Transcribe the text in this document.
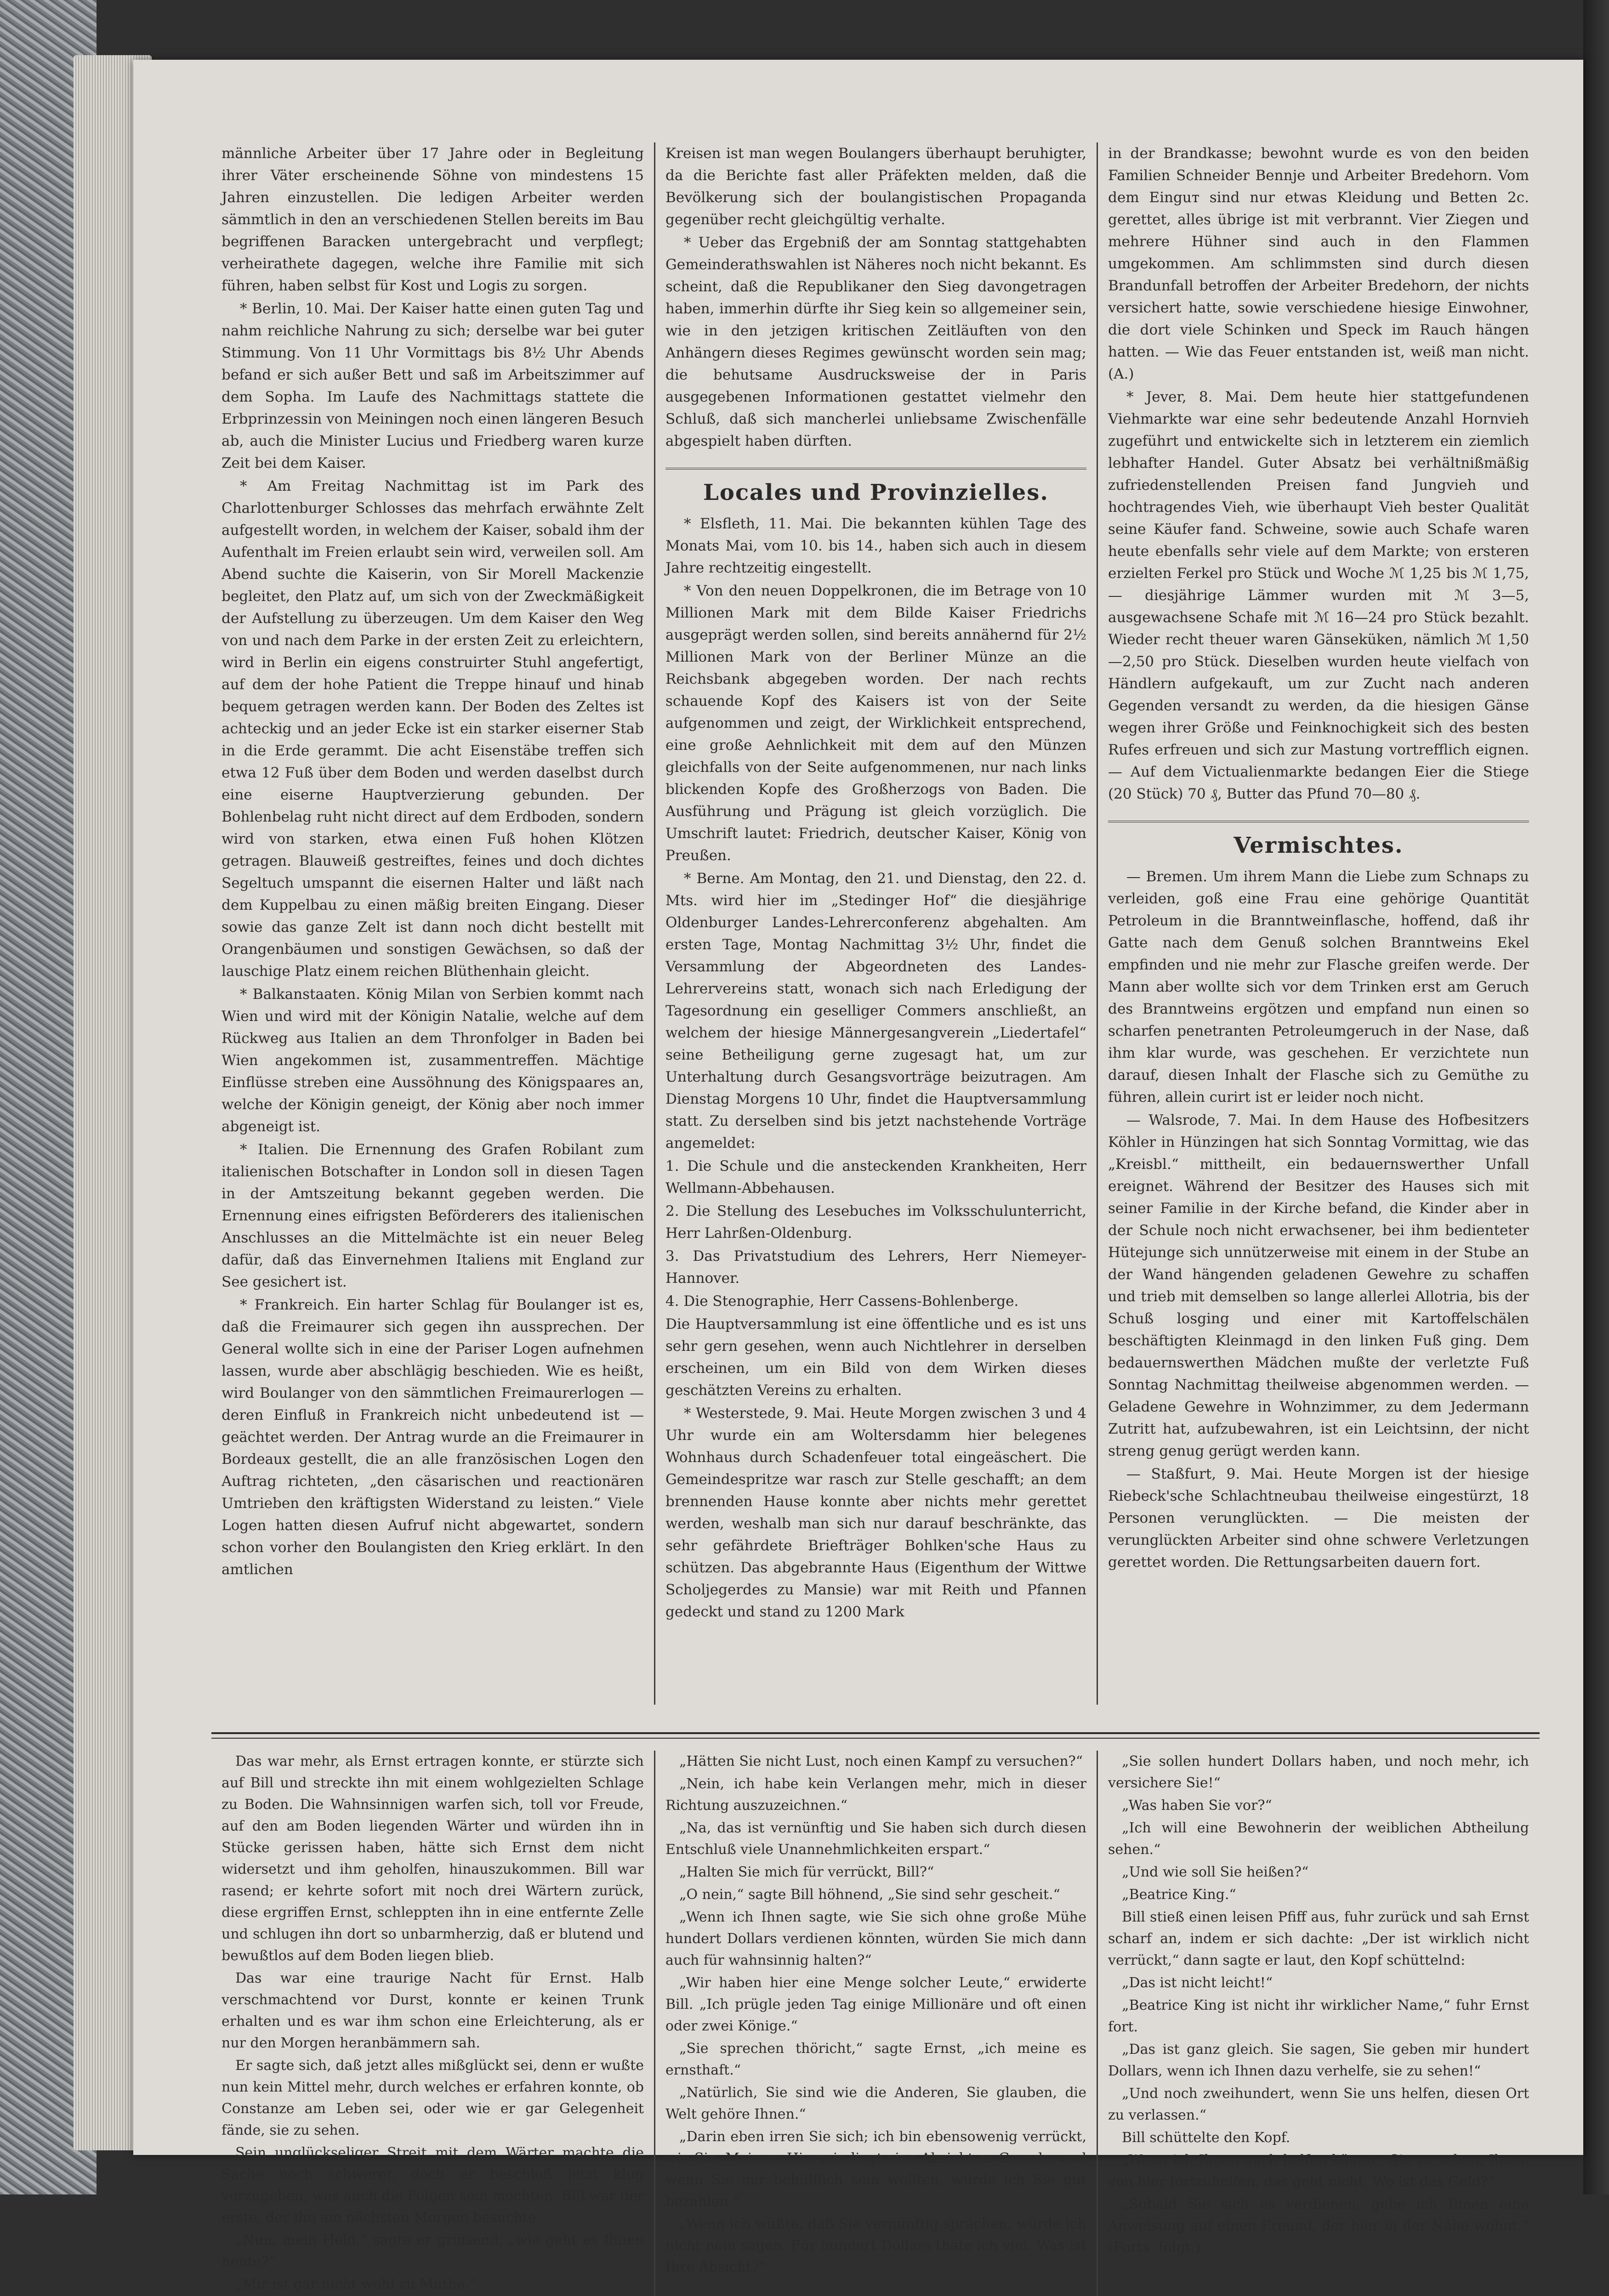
männliche Arbeiter über 17 Jahre oder in Begleitung ihrer Väter erscheinende Söhne von mindestens 15 Jahren einzustellen. Die ledigen Arbeiter werden sämmtlich in den an verschiedenen Stellen bereits im Bau begriffenen Baracken untergebracht und verpflegt; verheirathete dagegen, welche ihre Familie mit sich führen, haben selbst für Kost und Logis zu sorgen.

* Berlin, 10. Mai. Der Kaiser hatte einen guten Tag und nahm reichliche Nahrung zu sich; derselbe war bei guter Stimmung. Von 11 Uhr Vormittags bis 8½ Uhr Abends befand er sich außer Bett und saß im Arbeitszimmer auf dem Sopha. Im Laufe des Nachmittags stattete die Erbprinzessin von Meiningen noch einen längeren Besuch ab, auch die Minister Lucius und Friedberg waren kurze Zeit bei dem Kaiser.

* Am Freitag Nachmittag ist im Park des Charlottenburger Schlosses das mehrfach erwähnte Zelt aufgestellt worden, in welchem der Kaiser, sobald ihm der Aufenthalt im Freien erlaubt sein wird, verweilen soll. Am Abend suchte die Kaiserin, von Sir Morell Mackenzie begleitet, den Platz auf, um sich von der Zweckmäßigkeit der Aufstellung zu überzeugen. Um dem Kaiser den Weg von und nach dem Parke in der ersten Zeit zu erleichtern, wird in Berlin ein eigens construirter Stuhl angefertigt, auf dem der hohe Patient die Treppe hinauf und hinab bequem getragen werden kann. Der Boden des Zeltes ist achteckig und an jeder Ecke ist ein starker eiserner Stab in die Erde gerammt. Die acht Eisenstäbe treffen sich etwa 12 Fuß über dem Boden und werden daselbst durch eine eiserne Hauptverzierung gebunden. Der Bohlenbelag ruht nicht direct auf dem Erdboden, sondern wird von starken, etwa einen Fuß hohen Klötzen getragen. Blauweiß gestreiftes, feines und doch dichtes Segeltuch umspannt die eisernen Halter und läßt nach dem Kuppelbau zu einen mäßig breiten Eingang. Dieser sowie das ganze Zelt ist dann noch dicht bestellt mit Orangenbäumen und sonstigen Gewächsen, so daß der lauschige Platz einem reichen Blüthenhain gleicht.

* Balkanstaaten. König Milan von Serbien kommt nach Wien und wird mit der Königin Natalie, welche auf dem Rückweg aus Italien an dem Thronfolger in Baden bei Wien angekommen ist, zusammentreffen. Mächtige Einflüsse streben eine Aussöhnung des Königspaares an, welche der Königin geneigt, der König aber noch immer abgeneigt ist.

* Italien. Die Ernennung des Grafen Robilant zum italienischen Botschafter in London soll in diesen Tagen in der Amtszeitung bekannt gegeben werden. Die Ernennung eines eifrigsten Beförderers des italienischen Anschlusses an die Mittelmächte ist ein neuer Beleg dafür, daß das Einvernehmen Italiens mit England zur See gesichert ist.

* Frankreich. Ein harter Schlag für Boulanger ist es, daß die Freimaurer sich gegen ihn aussprechen. Der General wollte sich in eine der Pariser Logen aufnehmen lassen, wurde aber abschlägig beschieden. Wie es heißt, wird Boulanger von den sämmtlichen Freimaurerlogen — deren Einfluß in Frankreich nicht unbedeutend ist — geächtet werden. Der Antrag wurde an die Freimaurer in Bordeaux gestellt, die an alle französischen Logen den Auftrag richteten, „den cäsarischen und reactionären Umtrieben den kräftigsten Widerstand zu leisten.“ Viele Logen hatten diesen Aufruf nicht abgewartet, sondern schon vorher den Boulangisten den Krieg erklärt. In den amtlichen

Kreisen ist man wegen Boulangers überhaupt beruhigter, da die Berichte fast aller Präfekten melden, daß die Bevölkerung sich der boulangistischen Propaganda gegenüber recht gleichgültig verhalte.

* Ueber das Ergebniß der am Sonntag stattgehabten Gemeinderathswahlen ist Näheres noch nicht bekannt. Es scheint, daß die Republikaner den Sieg davongetragen haben, immerhin dürfte ihr Sieg kein so allgemeiner sein, wie in den jetzigen kritischen Zeitläuften von den Anhängern dieses Regimes gewünscht worden sein mag; die behutsame Ausdrucksweise der in Paris ausgegebenen Informationen gestattet vielmehr den Schluß, daß sich mancherlei unliebsame Zwischenfälle abgespielt haben dürften.

Locales und Provinzielles.

* Elsfleth, 11. Mai. Die bekannten kühlen Tage des Monats Mai, vom 10. bis 14., haben sich auch in diesem Jahre rechtzeitig eingestellt.

* Von den neuen Doppelkronen, die im Betrage von 10 Millionen Mark mit dem Bilde Kaiser Friedrichs ausgeprägt werden sollen, sind bereits annähernd für 2½ Millionen Mark von der Berliner Münze an die Reichsbank abgegeben worden. Der nach rechts schauende Kopf des Kaisers ist von der Seite aufgenommen und zeigt, der Wirklichkeit entsprechend, eine große Aehnlichkeit mit dem auf den Münzen gleichfalls von der Seite aufgenommenen, nur nach links blickenden Kopfe des Großherzogs von Baden. Die Ausführung und Prägung ist gleich vorzüglich. Die Umschrift lautet: Friedrich, deutscher Kaiser, König von Preußen.

* Berne. Am Montag, den 21. und Dienstag, den 22. d. Mts. wird hier im „Stedinger Hof“ die diesjährige Oldenburger Landes-Lehrerconferenz abgehalten. Am ersten Tage, Montag Nachmittag 3½ Uhr, findet die Versammlung der Abgeordneten des Landes-Lehrervereins statt, wonach sich nach Erledigung der Tagesordnung ein geselliger Commers anschließt, an welchem der hiesige Männergesangverein „Liedertafel“ seine Betheiligung gerne zugesagt hat, um zur Unterhaltung durch Gesangsvorträge beizutragen. Am Dienstag Morgens 10 Uhr, findet die Hauptversammlung statt. Zu derselben sind bis jetzt nachstehende Vorträge angemeldet:

1. Die Schule und die ansteckenden Krankheiten, Herr Wellmann-Abbehausen.

2. Die Stellung des Lesebuches im Volksschulunterricht, Herr Lahrßen-Oldenburg.

3. Das Privatstudium des Lehrers, Herr Niemeyer-Hannover.

4. Die Stenographie, Herr Cassens-Bohlenberge.

Die Hauptversammlung ist eine öffentliche und es ist uns sehr gern gesehen, wenn auch Nichtlehrer in derselben erscheinen, um ein Bild von dem Wirken dieses geschätzten Vereins zu erhalten.

* Westerstede, 9. Mai. Heute Morgen zwischen 3 und 4 Uhr wurde ein am Woltersdamm hier belegenes Wohnhaus durch Schadenfeuer total eingeäschert. Die Gemeindespritze war rasch zur Stelle geschafft; an dem brennenden Hause konnte aber nichts mehr gerettet werden, weshalb man sich nur darauf beschränkte, das sehr gefährdete Briefträger Bohlken'sche Haus zu schützen. Das abgebrannte Haus (Eigenthum der Wittwe Scholjegerdes zu Mansie) war mit Reith und Pfannen gedeckt und stand zu 1200 Mark

in der Brandkasse; bewohnt wurde es von den beiden Familien Schneider Bennje und Arbeiter Bredehorn. Vom dem Einguт sind nur etwas Kleidung und Betten 2c. gerettet, alles übrige ist mit verbrannt. Vier Ziegen und mehrere Hühner sind auch in den Flammen umgekommen. Am schlimmsten sind durch diesen Brandunfall betroffen der Arbeiter Bredehorn, der nichts versichert hatte, sowie verschiedene hiesige Einwohner, die dort viele Schinken und Speck im Rauch hängen hatten. — Wie das Feuer entstanden ist, weiß man nicht. (A.)

* Jever, 8. Mai. Dem heute hier stattgefundenen Viehmarkte war eine sehr bedeutende Anzahl Hornvieh zugeführt und entwickelte sich in letzterem ein ziemlich lebhafter Handel. Guter Absatz bei verhältnißmäßig zufriedenstellenden Preisen fand Jungvieh und hochtragendes Vieh, wie überhaupt Vieh bester Qualität seine Käufer fand. Schweine, sowie auch Schafe waren heute ebenfalls sehr viele auf dem Markte; von ersteren erzielten Ferkel pro Stück und Woche ℳ 1,25 bis ℳ 1,75, — diesjährige Lämmer wurden mit ℳ 3—5, ausgewachsene Schafe mit ℳ 16—24 pro Stück bezahlt. Wieder recht theuer waren Gänseküken, nämlich ℳ 1,50—2,50 pro Stück. Dieselben wurden heute vielfach von Händlern aufgekauft, um zur Zucht nach anderen Gegenden versandt zu werden, da die hiesigen Gänse wegen ihrer Größe und Feinknochigkeit sich des besten Rufes erfreuen und sich zur Mastung vortrefflich eignen. — Auf dem Victualienmarkte bedangen Eier die Stiege (20 Stück) 70 ₰, Butter das Pfund 70—80 ₰.

Vermischtes.

— Bremen. Um ihrem Mann die Liebe zum Schnaps zu verleiden, goß eine Frau eine gehörige Quantität Petroleum in die Branntweinflasche, hoffend, daß ihr Gatte nach dem Genuß solchen Branntweins Ekel empfinden und nie mehr zur Flasche greifen werde. Der Mann aber wollte sich vor dem Trinken erst am Geruch des Branntweins ergötzen und empfand nun einen so scharfen penetranten Petroleumgeruch in der Nase, daß ihm klar wurde, was geschehen. Er verzichtete nun darauf, diesen Inhalt der Flasche sich zu Gemüthe zu führen, allein curirt ist er leider noch nicht.

— Walsrode, 7. Mai. In dem Hause des Hofbesitzers Köhler in Hünzingen hat sich Sonntag Vormittag, wie das „Kreisbl.“ mittheilt, ein bedauernswerther Unfall ereignet. Während der Besitzer des Hauses sich mit seiner Familie in der Kirche befand, die Kinder aber in der Schule noch nicht erwachsener, bei ihm bedienteter Hütejunge sich unnützerweise mit einem in der Stube an der Wand hängenden geladenen Gewehre zu schaffen und trieb mit demselben so lange allerlei Allotria, bis der Schuß losging und einer mit Kartoffelschälen beschäftigten Kleinmagd in den linken Fuß ging. Dem bedauernswerthen Mädchen mußte der verletzte Fuß Sonntag Nachmittag theilweise abgenommen werden. — Geladene Gewehre in Wohnzimmer, zu dem Jedermann Zutritt hat, aufzubewahren, ist ein Leichtsinn, der nicht streng genug gerügt werden kann.

— Staßfurt, 9. Mai. Heute Morgen ist der hiesige Riebeck'sche Schlachtneubau theilweise eingestürzt, 18 Personen verunglückten. — Die meisten der verunglückten Arbeiter sind ohne schwere Verletzungen gerettet worden. Die Rettungsarbeiten dauern fort.

Das war mehr, als Ernst ertragen konnte, er stürzte sich auf Bill und streckte ihn mit einem wohlgezielten Schlage zu Boden. Die Wahnsinnigen warfen sich, toll vor Freude, auf den am Boden liegenden Wärter und würden ihn in Stücke gerissen haben, hätte sich Ernst dem nicht widersetzt und ihm geholfen, hinauszukommen. Bill war rasend; er kehrte sofort mit noch drei Wärtern zurück, diese ergriffen Ernst, schleppten ihn in eine entfernte Zelle und schlugen ihn dort so unbarmherzig, daß er blutend und bewußtlos auf dem Boden liegen blieb.

Das war eine traurige Nacht für Ernst. Halb verschmachtend vor Durst, konnte er keinen Trunk erhalten und es war ihm schon eine Erleichterung, als er nur den Morgen heranbämmern sah.

Er sagte sich, daß jetzt alles mißglückt sei, denn er wußte nun kein Mittel mehr, durch welches er erfahren konnte, ob Constanze am Leben sei, oder wie er gar Gelegenheit fände, sie zu sehen.

Sein unglückseliger Streit mit dem Wärter machte die Sache noch schwerer, doch er beschloß jetzt klug vorzugehen, was auch die Folgen sein mochten. Bill war der erste, der ihn am nächsten Morgen besuchte.

„Nun, mein Held,“ sagte er grinsend, „wie geht es Ihnen heute?“

„Mir ist gar nicht wohl zu Muthe.“

„Hätten Sie nicht Lust, noch einen Kampf zu versuchen?“

„Nein, ich habe kein Verlangen mehr, mich in dieser Richtung auszuzeichnen.“

„Na, das ist vernünftig und Sie haben sich durch diesen Entschluß viele Unannehmlichkeiten erspart.“

„Halten Sie mich für verrückt, Bill?“

„O nein,“ sagte Bill höhnend, „Sie sind sehr gescheit.“

„Wenn ich Ihnen sagte, wie Sie sich ohne große Mühe hundert Dollars verdienen könnten, würden Sie mich dann auch für wahnsinnig halten?“

„Wir haben hier eine Menge solcher Leute,“ erwiderte Bill. „Ich prügle jeden Tag einige Millionäre und oft einen oder zwei Könige.“

„Sie sprechen thöricht,“ sagte Ernst, „ich meine es ernsthaft.“

„Natürlich, Sie sind wie die Anderen, Sie glauben, die Welt gehöre Ihnen.“

„Darin eben irren Sie sich; ich bin ebensowenig verrückt, wie Sie. Meinem Hiersein liegt eine Absicht zu Grunde, und wenn Sie mir behülflich sein wollten, würde ich Sie gut bezahlen.“

„Wenn ich wüßte, daß Sie vernünftig sprächen, würde ich nicht nein sagen. Für hundert Dollars thäte ich viel. Was ist Ihre Absicht?“

„Sie sollen hundert Dollars haben, und noch mehr, ich versichere Sie!“

„Was haben Sie vor?“

„Ich will eine Bewohnerin der weiblichen Abtheilung sehen.“

„Und wie soll Sie heißen?“

„Beatrice King.“

Bill stieß einen leisen Pfiff aus, fuhr zurück und sah Ernst scharf an, indem er sich dachte: „Der ist wirklich nicht verrückt,“ dann sagte er laut, den Kopf schüttelnd:

„Das ist nicht leicht!“

„Beatrice King ist nicht ihr wirklicher Name,“ fuhr Ernst fort.

„Das ist ganz gleich. Sie sagen, Sie geben mir hundert Dollars, wenn ich Ihnen dazu verhelfe, sie zu sehen!“

„Und noch zweihundert, wenn Sie uns helfen, diesen Ort zu verlassen.“

Bill schüttelte den Kopf.

„Wenn ich Ihnen auch helfen könnte, Sie zu sehen, Ihnen von hier fortzuhelfen, das geht nicht. Wo ist das Geld?“

„Sobald Sie sich es verdienen, gebe ich Ihnen eine Anweisung auf einen Freund, der hier in der Nähe wohnt.“ (Forts. folgt.)
